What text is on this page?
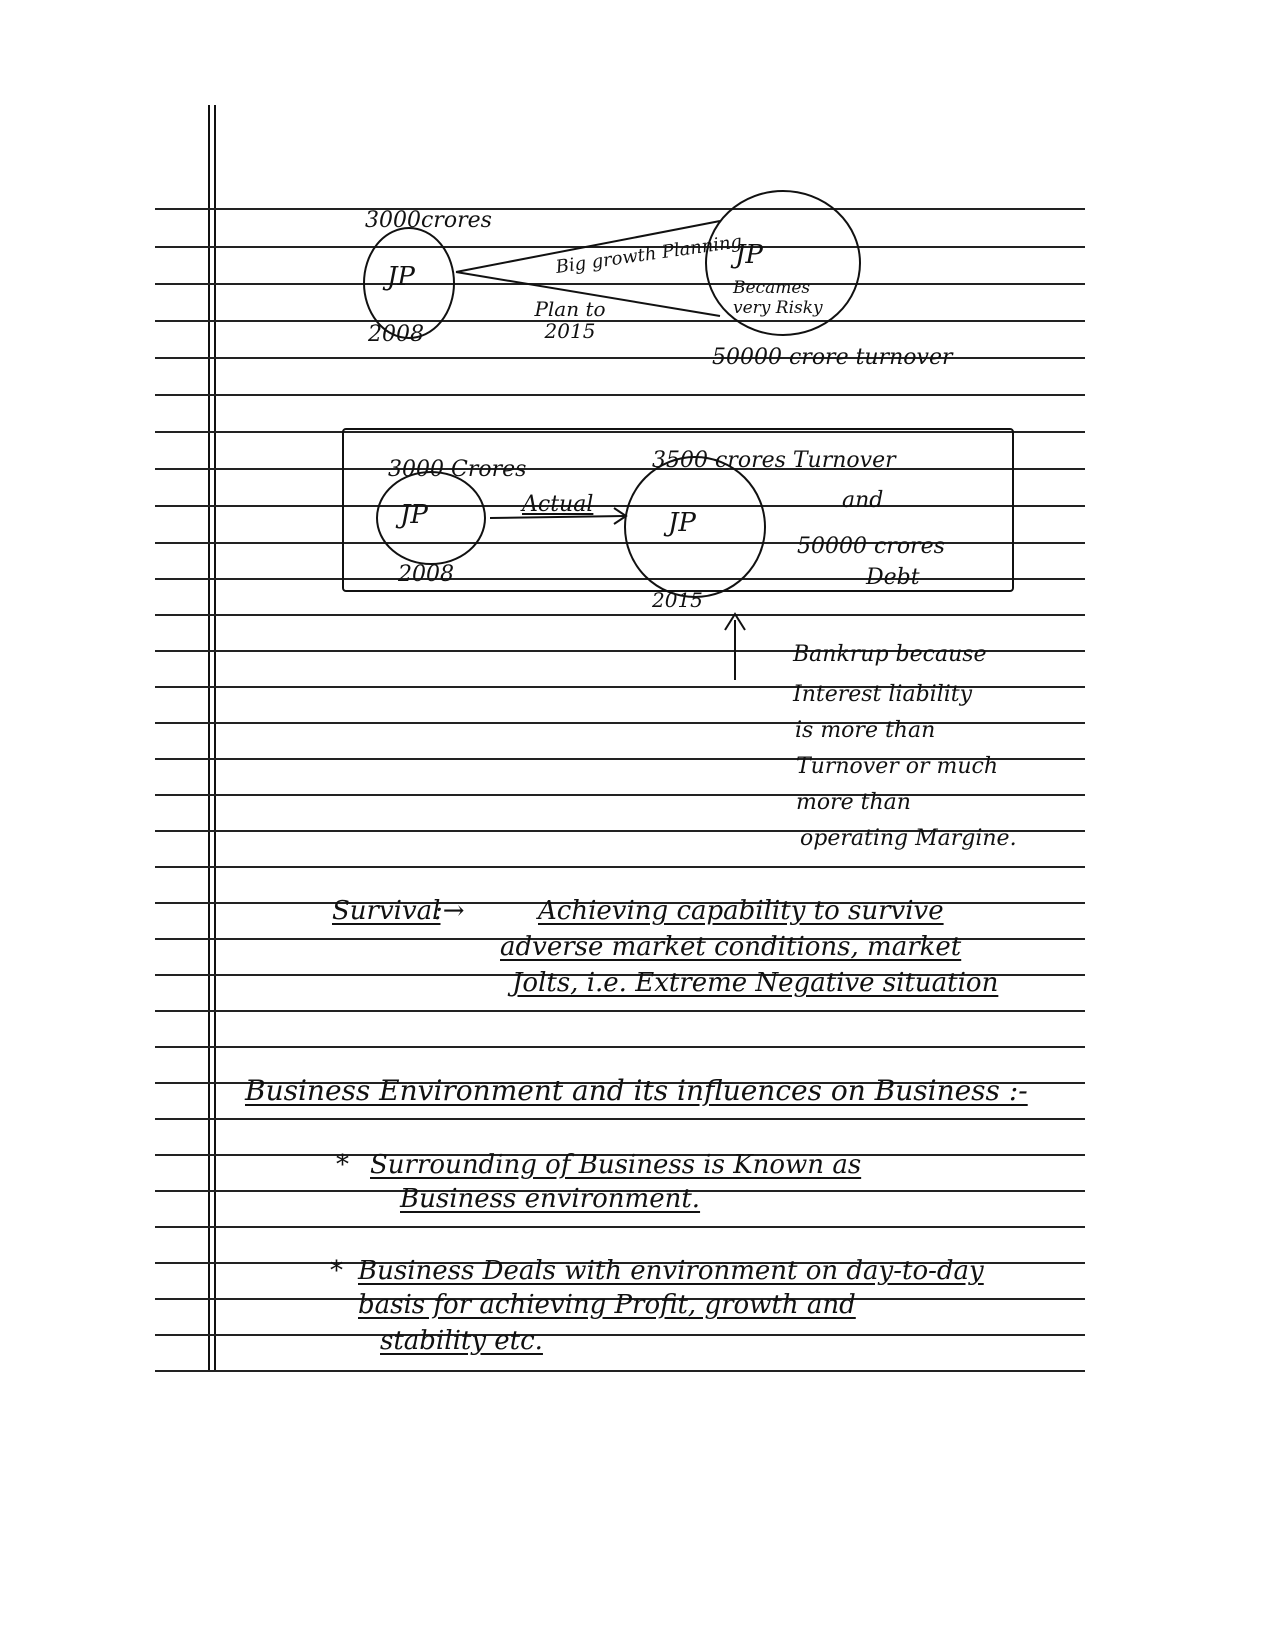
3000crores
JP
2008
Big growth Planning
Plan to 2015
JP
Becames very Risky
50000 crore turnover
3000 Crores
JP
2008
Actual
JP
3500 crores Turnover
2015
and
50000 crores
Debt
Bankrup because
Interest liability
is more than
Turnover or much
more than
operating Margine.
Survival
:→	Achieving capability to survive
adverse market conditions, market
Jolts, i.e. Extreme Negative situation
Business Environment and its influences on Business :-
* Surrounding of Business is Known as
Business environment.
* Business Deals with environment on day-to-day
basis for achieving Profit, growth and
stability etc.
